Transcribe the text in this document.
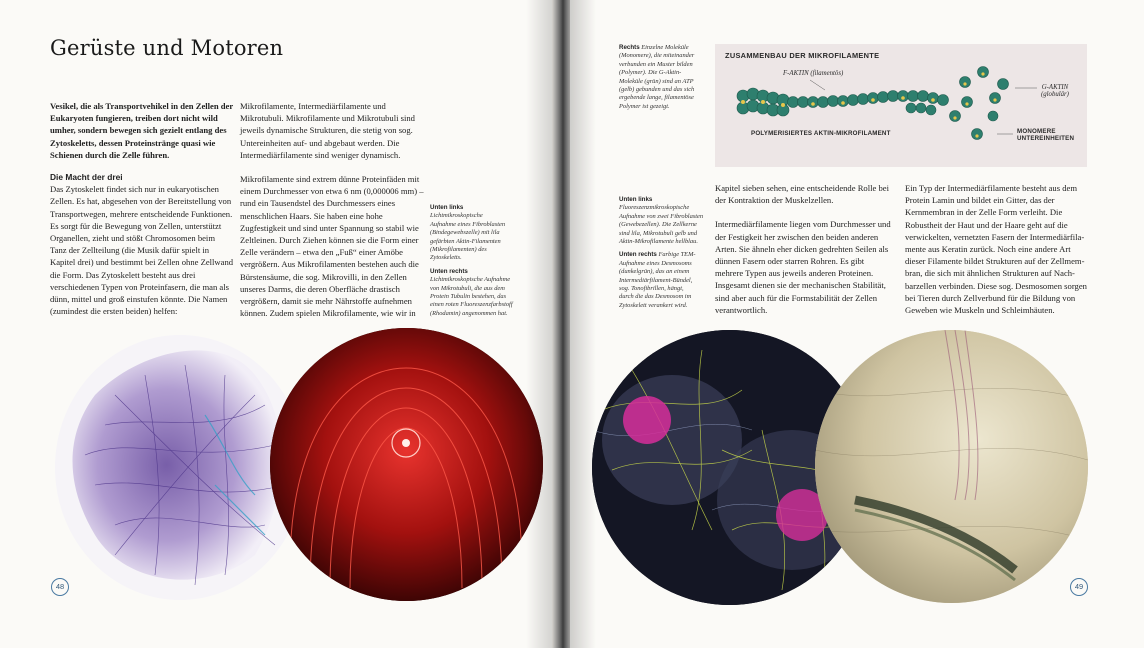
Gerüste und Motoren

Vesikel, die als Transportvehikel in den Zellen der
Eukaryoten fungieren, treiben dort nicht wild
umher, sondern bewegen sich gezielt entlang des
Zytoskeletts, dessen Proteinstränge quasi wie
Schienen durch die Zelle führen.

Die Macht der drei

Das Zytoskelett findet sich nur in eukaryotischen
Zellen. Es hat, abgesehen von der Bereitstellung von
Transportwegen, mehrere entscheidende Funktionen.
Es sorgt für die Bewegung von Zellen, unterstützt
Organellen, zieht und stößt Chromosomen beim
Tanz der Zellteilung (die Musik dafür spielt in
Kapitel drei) und bestimmt bei Zellen ohne Zellwand
die Form. Das Zytoskelett besteht aus drei
verschiedenen Typen von Proteinfasern, die man als
dünn, mittel und groß einstufen könnte. Die Namen
(zumindest die ersten beiden) helfen:

Mikrofilamente, Intermediärfilamente und
Mikrotubuli. Mikrofilamente und Mikrotubuli sind
jeweils dynamische Strukturen, die stetig von sog.
Untereinheiten auf- und abgebaut werden. Die
Intermediärfilamente sind weniger dynamisch.

Mikrofilamente sind extrem dünne Proteinfäden mit
einem Durchmesser von etwa 6 nm (0,000006 mm) –
rund ein Tausendstel des Durchmessers eines
menschlichen Haars. Sie haben eine hohe
Zugfestigkeit und sind unter Spannung so stabil wie
Zeltleinen. Durch Ziehen können sie die Form einer
Zelle verändern – etwa den „Fuß“ einer Amöbe
vergrößern. Aus Mikrofilamenten bestehen auch die
Bürstensäume, die sog. Mikrovilli, in den Zellen
unseres Darms, die deren Oberfläche drastisch
vergrößern, damit sie mehr Nährstoffe aufnehmen
können. Zudem spielen Mikrofilamente, wie wir in

Unten links
Lichtmikroskopische
Aufnahme eines Fibroblasten
(Bindegewebszelle) mit lila
gefärbten Aktin-Filamenten
(Mikrofilamenten) des
Zytoskeletts.

Unten rechts
Lichtmikroskopische Aufnahme
von Mikrotubuli, die aus dem
Protein Tubulin bestehen, das
einen roten Fluoreszenzfarbstoff
(Rhodamin) angenommen hat.

48

Rechts Einzelne Moleküle
(Monomere), die miteinander
verbunden ein Muster bilden
(Polymer). Die G-Aktin-
Moleküle (grün) sind an ATP
(gelb) gebunden und das sich
ergebende lange, filamentöse
Polymer ist gezeigt.

ZUSAMMENBAU DER MIKROFILAMENTE
F-AKTIN (filamentös)
G-AKTIN
(globulär)
POLYMERISIERTES AKTIN-MIKROFILAMENT	MONOMERE
UNTEREINHEITEN

Unten links
Fluoreszenzmikroskopische
Aufnahme von zwei Fibroblasten
(Gewebezellen). Die Zellkerne
sind lila, Mikrotubuli gelb und
Aktin-Mikrofilamente hellblau.

Unten rechts Farbige TEM-
Aufnahme eines Desmosoms
(dunkelgrün), das an einem
Intermediärfilament-Bündel,
sog. Tonofibrillen, hängt,
durch die das Desmosom im
Zytoskelett verankert wird.

Kapitel sieben sehen, eine entscheidende Rolle bei
der Kontraktion der Muskelzellen.

Intermediärfilamente liegen vom Durchmesser und
der Festigkeit her zwischen den beiden anderen
Arten. Sie ähneln eher dicken gedrehten Seilen als
dünnen Fasern oder starren Rohren. Es gibt
mehrere Typen aus jeweils anderen Proteinen.
Insgesamt dienen sie der mechanischen Stabilität,
sind aber auch für die Formstabilität der Zellen
verantwortlich.

Ein Typ der Intermediärfilamente besteht aus dem
Protein Lamin und bildet ein Gitter, das der
Kernmembran in der Zelle Form verleiht. Die
Robustheit der Haut und der Haare geht auf die
verwickelten, vernetzten Fasern der Intermediärfila-
mente aus Keratin zurück. Noch eine andere Art
dieser Filamente bildet Strukturen auf der Zellmem-
bran, die sich mit ähnlichen Strukturen auf Nach-
barzellen verbinden. Diese sog. Desmosomen sorgen
bei Tieren durch Zellverbund für die Bildung von
Geweben wie Muskeln und Schleimhäuten.

49
